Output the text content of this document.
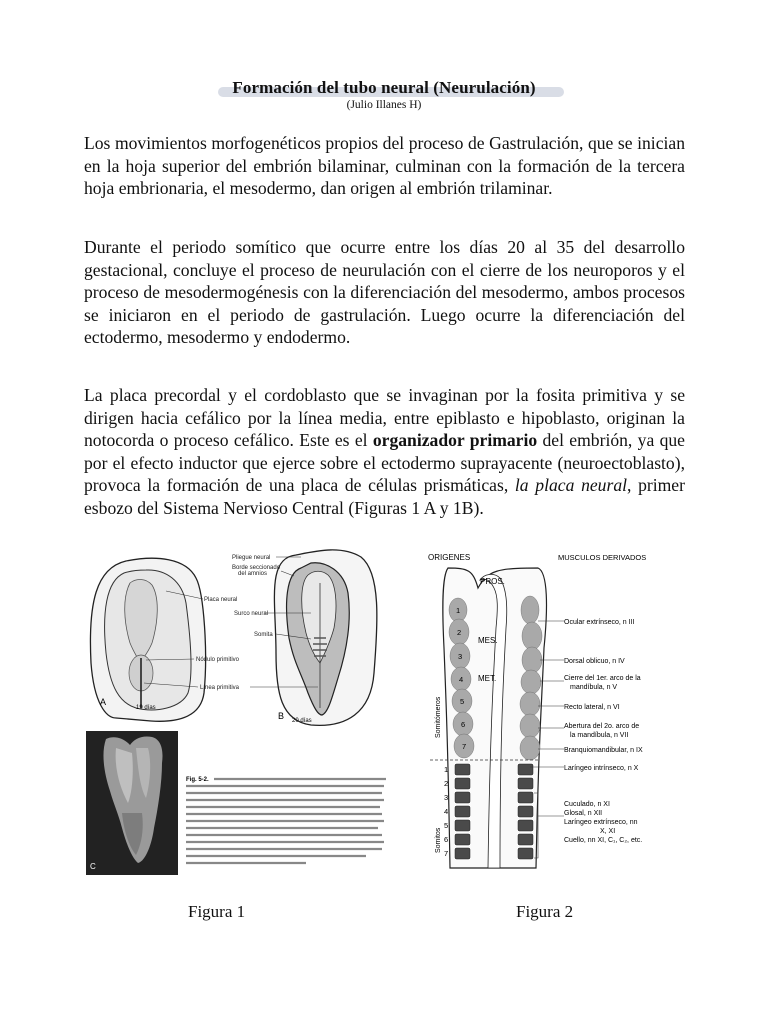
Formación del tubo neural (Neurulación)
(Julio Illanes H)

Los movimientos morfogenéticos propios del proceso de Gastrulación, que se inician en la hoja superior del embrión bilaminar, culminan con la formación de la tercera hoja embrionaria, el mesodermo, dan origen al embrión trilaminar.

Durante el periodo somítico que ocurre entre los días 20 al 35 del desarrollo gestacional, concluye el proceso de neurulación con el cierre de los neuroporos y el proceso de mesodermogénesis con la diferenciación del mesodermo, ambos procesos se iniciaron en el periodo de gastrulación. Luego ocurre la diferenciación del ectodermo, mesodermo y endodermo.

La placa precordal y el cordoblasto que se invaginan por la fosita primitiva y se dirigen hacia cefálico por la línea media, entre epiblasto e hipoblasto, originan la notocorda o proceso cefálico. Este es el organizador primario del embrión, ya que por el efecto inductor que ejerce sobre el ectodermo suprayacente (neuroectoblasto), provoca la formación de una placa de células prismáticas, la placa neural, primer esbozo del Sistema Nervioso Central (Figuras 1 A y 1B).

A
19 días
B 20 días
Pliegue neural
Borde seccionado
del amnios
Placa neural
Surco neural
Somita
Nódulo primitivo
Línea primitiva
C
Fig. 5-2.
ORIGENES	MUSCULOS DERIVADOS
PROS.
MES.
MET.
1
2
3
4
5
6
7
1
2
3
4
5
6
7
Somitómeros
Somitos
Ocular extrínseco, n III
Dorsal oblicuo, n IV
Cierre del 1er. arco de la
mandíbula, n V
Recto lateral, n VI
Abertura del 2o. arco de
la mandíbula, n VII
Branquiomandibular, n IX
Laríngeo intrínseco, n X
Cuculado, n XI
Glosal, n XII
Laríngeo extrínseco, nn
X, XI
Cuello, nn XI, C₁, C₂, etc.
Figura 1	Figura 2
